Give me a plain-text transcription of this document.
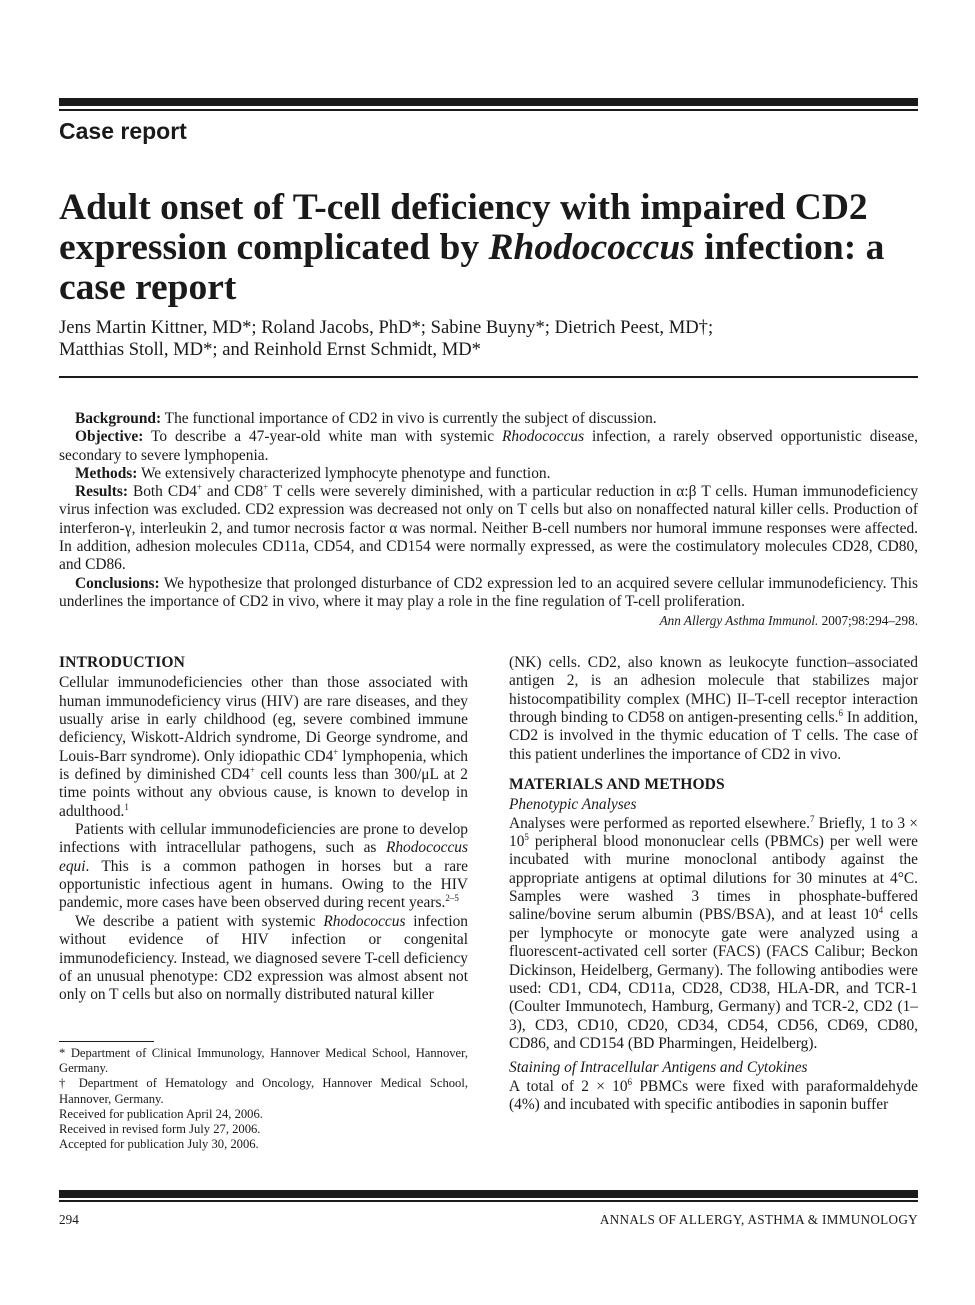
Case report
Adult onset of T-cell deficiency with impaired CD2 expression complicated by Rhodococcus infection: a case report
Jens Martin Kittner, MD*; Roland Jacobs, PhD*; Sabine Buyny*; Dietrich Peest, MD†;
Matthias Stoll, MD*; and Reinhold Ernst Schmidt, MD*

Background: The functional importance of CD2 in vivo is currently the subject of discussion.

Objective: To describe a 47-year-old white man with systemic Rhodococcus infection, a rarely observed opportunistic disease, secondary to severe lymphopenia.

Methods: We extensively characterized lymphocyte phenotype and function.

Results: Both CD4+ and CD8+ T cells were severely diminished, with a particular reduction in α:β T cells. Human immunodeficiency virus infection was excluded. CD2 expression was decreased not only on T cells but also on nonaffected natural killer cells. Production of interferon-γ, interleukin 2, and tumor necrosis factor α was normal. Neither B-cell numbers nor humoral immune responses were affected. In addition, adhesion molecules CD11a, CD54, and CD154 were normally expressed, as were the costimulatory molecules CD28, CD80, and CD86.

Conclusions: We hypothesize that prolonged disturbance of CD2 expression led to an acquired severe cellular immunodeficiency. This underlines the importance of CD2 in vivo, where it may play a role in the fine regulation of T-cell proliferation.

Ann Allergy Asthma Immunol. 2007;98:294–298.
INTRODUCTION

Cellular immunodeficiencies other than those associated with human immunodeficiency virus (HIV) are rare diseases, and they usually arise in early childhood (eg, severe combined immune deficiency, Wiskott-Aldrich syndrome, Di George syndrome, and Louis-Barr syndrome). Only idiopathic CD4+ lymphopenia, which is defined by diminished CD4+ cell counts less than 300/μL at 2 time points without any obvious cause, is known to develop in adulthood.$^1$

Patients with cellular immunodeficiencies are prone to develop infections with intracellular pathogens, such as Rhodococcus equi. This is a common pathogen in horses but a rare opportunistic infectious agent in humans. Owing to the HIV pandemic, more cases have been observed during recent years.$^{2-5}$

We describe a patient with systemic Rhodococcus infection without evidence of HIV infection or congenital immunodeficiency. Instead, we diagnosed severe T-cell deficiency of an unusual phenotype: CD2 expression was almost absent not only on T cells but also on normally distributed natural killer

* Department of Clinical Immunology, Hannover Medical School, Hannover, Germany.

† Department of Hematology and Oncology, Hannover Medical School, Hannover, Germany.

Received for publication April 24, 2006.

Received in revised form July 27, 2006.

Accepted for publication July 30, 2006.

(NK) cells. CD2, also known as leukocyte function–associated antigen 2, is an adhesion molecule that stabilizes major histocompatibility complex (MHC) II–T-cell receptor interaction through binding to CD58 on antigen-presenting cells.$^6$ In addition, CD2 is involved in the thymic education of T cells. The case of this patient underlines the importance of CD2 in vivo.

MATERIALS AND METHODS
Phenotypic Analyses

Analyses were performed as reported elsewhere.$^7$ Briefly, 1 to $3 \times 10^5$ peripheral blood mononuclear cells (PBMCs) per well were incubated with murine monoclonal antibody against the appropriate antigens at optimal dilutions for 30 minutes at 4°C. Samples were washed 3 times in phosphate-buffered saline/bovine serum albumin (PBS/BSA), and at least $10^4$ cells per lymphocyte or monocyte gate were analyzed using a fluorescent-activated cell sorter (FACS) (FACS Calibur; Beckon Dickinson, Heidelberg, Germany). The following antibodies were used: CD1, CD4, CD11a, CD28, CD38, HLA-DR, and TCR-1 (Coulter Immunotech, Hamburg, Germany) and TCR-2, CD2 (1–3), CD3, CD10, CD20, CD34, CD54, CD56, CD69, CD80, CD86, and CD154 (BD Pharmingen, Heidelberg).

Staining of Intracellular Antigens and Cytokines

A total of $2 \times 10^6$ PBMCs were fixed with paraformaldehyde (4%) and incubated with specific antibodies in saponin buffer

294	ANNALS OF ALLERGY, ASTHMA & IMMUNOLOGY
